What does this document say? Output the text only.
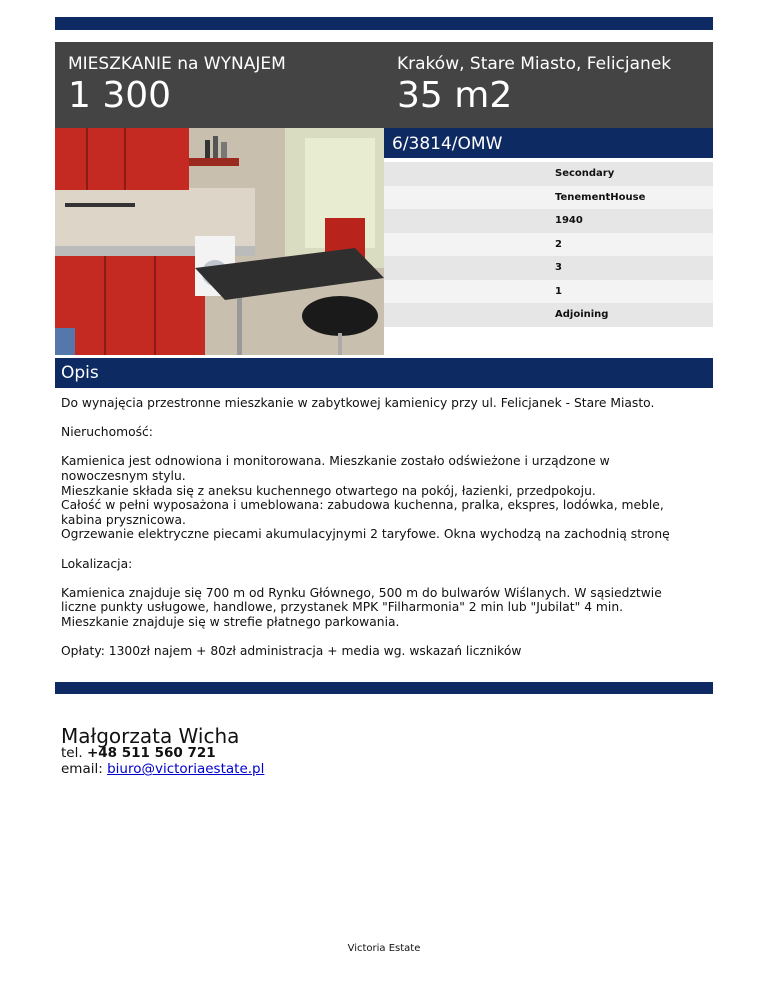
MIESZKANIE na WYNAJEM
1 300
Kraków, Stare Miasto, Felicjanek
35 m2
6/3814/OMW
Secondary
TenementHouse
1940
2
3
1
Adjoining
Opis

Do wynajęcia przestronne mieszkanie w zabytkowej kamienicy przy ul. Felicjanek - Stare Miasto.

Nieruchomość:

Kamienica jest odnowiona i monitorowana. Mieszkanie zostało odświeżone i urządzone w
nowoczesnym stylu.
Mieszkanie składa się z aneksu kuchennego otwartego na pokój, łazienki, przedpokoju.
Całość w pełni wyposażona i umeblowana: zabudowa kuchenna, pralka, ekspres, lodówka, meble,
kabina prysznicowa.
Ogrzewanie elektryczne piecami akumulacyjnymi 2 taryfowe. Okna wychodzą na zachodnią stronę

Lokalizacja:

Kamienica znajduje się 700 m od Rynku Głównego, 500 m do bulwarów Wiślanych. W sąsiedztwie
liczne punkty usługowe, handlowe, przystanek MPK "Filharmonia" 2 min lub "Jubilat" 4 min.
Mieszkanie znajduje się w strefie płatnego parkowania.

Opłaty: 1300zł najem + 80zł administracja + media wg. wskazań liczników

Małgorzata Wicha
tel. +48 511 560 721
email: biuro@victoriaestate.pl
Victoria Estate
